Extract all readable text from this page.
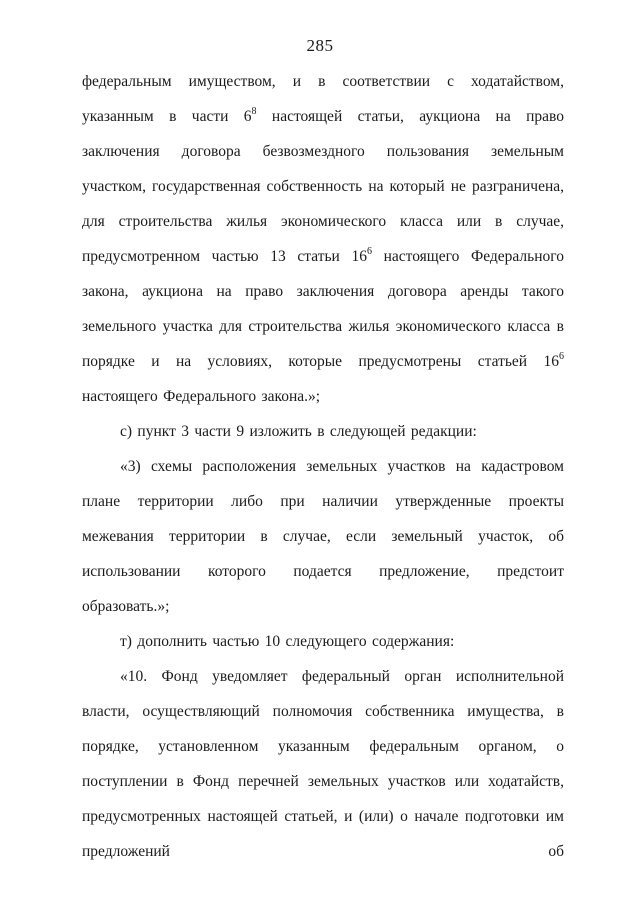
285

федеральным имуществом, и в соответствии с ходатайством, указанным в части $6^8$ настоящей статьи, аукциона на право заключения договора безвозмездного пользования земельным участком, государственная собственность на который не разграничена, для строительства жилья экономического класса или в случае, предусмотренном частью 13 статьи $16^6$ настоящего Федерального закона, аукциона на право заключения договора аренды такого земельного участка для строительства жилья экономического класса в порядке и на условиях, которые предусмотрены статьей $16^6$ настоящего Федерального закона.»;

с) пункт 3 части 9 изложить в следующей редакции:

«3) схемы расположения земельных участков на кадастровом плане территории либо при наличии утвержденные проекты межевания территории в случае, если земельный участок, об использовании которого подается предложение, предстоит образовать.»;

т) дополнить частью 10 следующего содержания:

«10. Фонд уведомляет федеральный орган исполнительной власти, осуществляющий полномочия собственника имущества, в порядке, установленном указанным федеральным органом, о поступлении в Фонд перечней земельных участков или ходатайств, предусмотренных настоящей статьей, и (или) о начале подготовки им предложений об
